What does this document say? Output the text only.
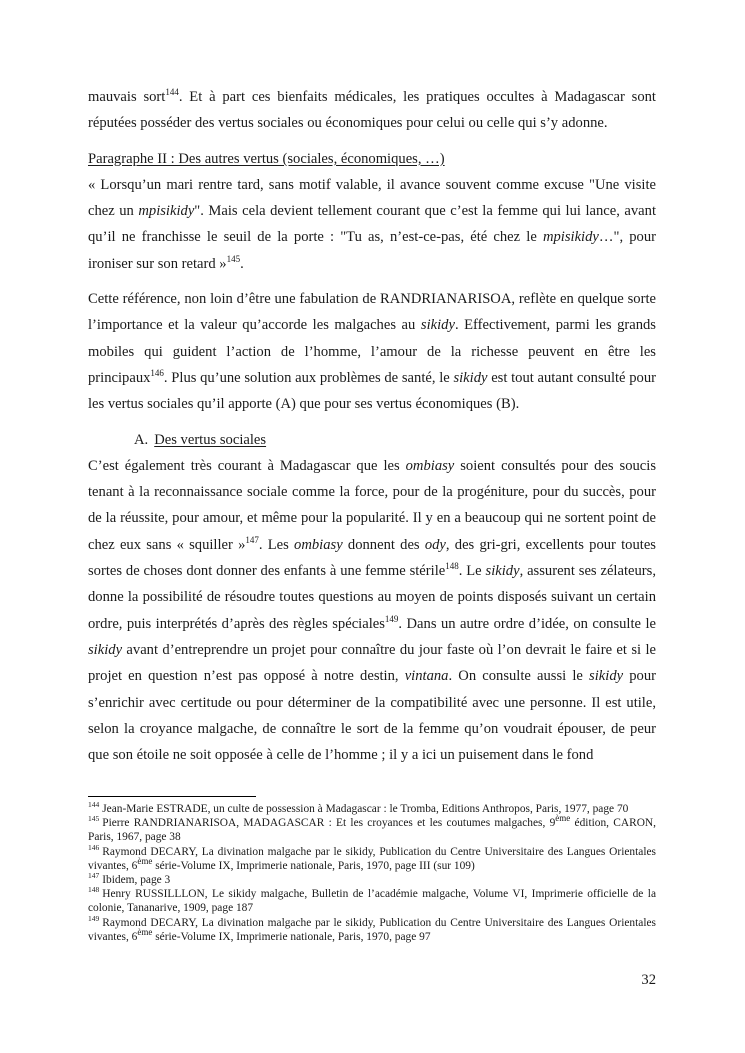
mauvais sort$^{144}$. Et à part ces bienfaits médicales, les pratiques occultes à Madagascar sont réputées posséder des vertus sociales ou économiques pour celui ou celle qui s’y adonne.

Paragraphe II : Des autres vertus (sociales, économiques, …)

« Lorsqu’un mari rentre tard, sans motif valable, il avance souvent comme excuse "Une visite chez un mpisikidy". Mais cela devient tellement courant que c’est la femme qui lui lance, avant qu’il ne franchisse le seuil de la porte : "Tu as, n’est-ce-pas, été chez le mpisikidy…", pour ironiser sur son retard »$^{145}$.

Cette référence, non loin d’être une fabulation de RANDRIANARISOA, reflète en quelque sorte l’importance et la valeur qu’accorde les malgaches au sikidy. Effectivement, parmi les grands mobiles qui guident l’action de l’homme, l’amour de la richesse peuvent en être les principaux$^{146}$. Plus qu’une solution aux problèmes de santé, le sikidy est tout autant consulté pour les vertus sociales qu’il apporte (A) que pour ses vertus économiques (B).

A. Des vertus sociales

C’est également très courant à Madagascar que les ombiasy soient consultés pour des soucis tenant à la reconnaissance sociale comme la force, pour de la progéniture, pour du succès, pour de la réussite, pour amour, et même pour la popularité. Il y en a beaucoup qui ne sortent point de chez eux sans « squiller »$^{147}$. Les ombiasy donnent des ody, des gri-gri, excellents pour toutes sortes de choses dont donner des enfants à une femme stérile$^{148}$. Le sikidy, assurent ses zélateurs, donne la possibilité de résoudre toutes questions au moyen de points disposés suivant un certain ordre, puis interprétés d’après des règles spéciales$^{149}$. Dans un autre ordre d’idée, on consulte le sikidy avant d’entreprendre un projet pour connaître du jour faste où l’on devrait le faire et si le projet en question n’est pas opposé à notre destin, vintana. On consulte aussi le sikidy pour s’enrichir avec certitude ou pour déterminer de la compatibilité avec une personne. Il est utile, selon la croyance malgache, de connaître le sort de la femme qu’on voudrait épouser, de peur que son étoile ne soit opposée à celle de l’homme ; il y a ici un puisement dans le fond

$^{144}$ Jean-Marie ESTRADE, un culte de possession à Madagascar : le Tromba, Editions Anthropos, Paris, 1977, page 70

$^{145}$ Pierre RANDRIANARISOA, MADAGASCAR : Et les croyances et les coutumes malgaches, 9ème édition, CARON, Paris, 1967, page 38

$^{146}$ Raymond DECARY, La divination malgache par le sikidy, Publication du Centre Universitaire des Langues Orientales vivantes, 6ème série-Volume IX, Imprimerie nationale, Paris, 1970, page III (sur 109)

$^{147}$ Ibidem, page 3

$^{148}$ Henry RUSSILLLON, Le sikidy malgache, Bulletin de l’académie malgache, Volume VI, Imprimerie officielle de la colonie, Tananarive, 1909, page 187

$^{149}$ Raymond DECARY, La divination malgache par le sikidy, Publication du Centre Universitaire des Langues Orientales vivantes, 6ème série-Volume IX, Imprimerie nationale, Paris, 1970, page 97

32
